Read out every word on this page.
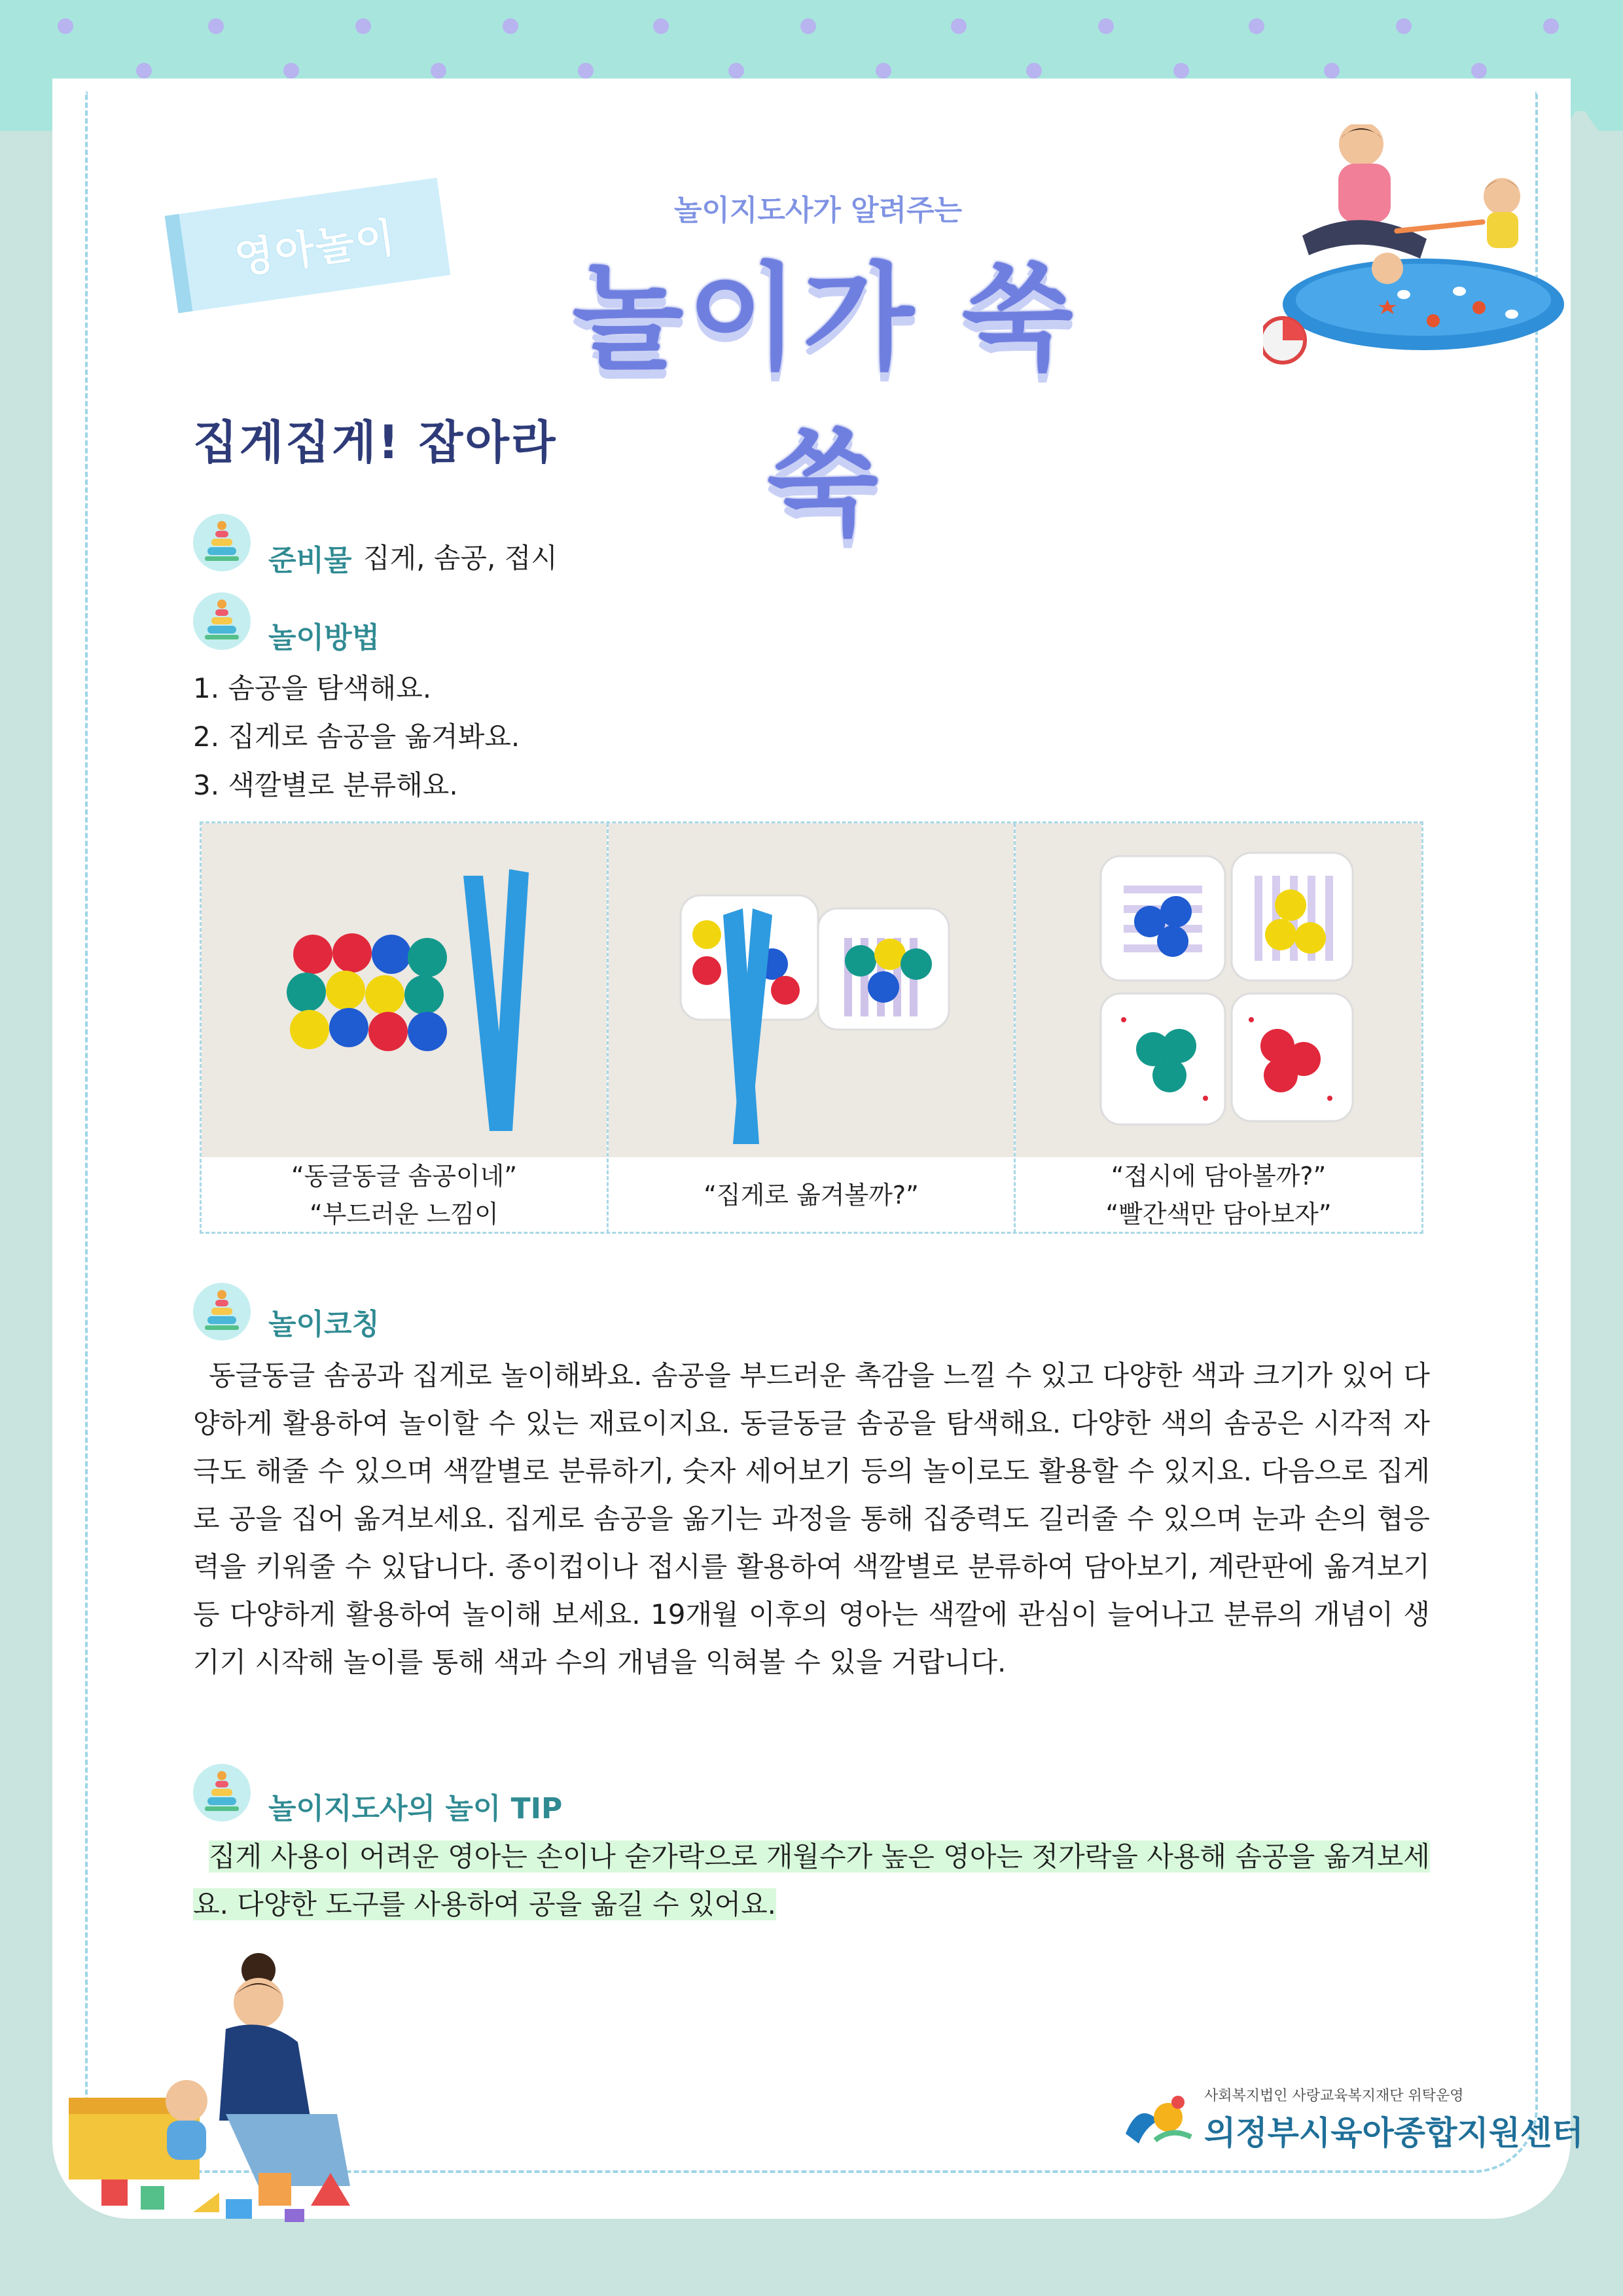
영아놀이
놀이지도사가 알려주는
놀이가 쑥쑥
집게집게! 잡아라
준비물 집게, 솜공, 접시
놀이방법
1. 솜공을 탐색해요.
2. 집게로 솜공을 옮겨봐요.
3. 색깔별로 분류해요.
“동글동글 솜공이네”
“부드러운 느낌이
“집게로 옮겨볼까?”
“접시에 담아볼까?”
“빨간색만 담아보자”
놀이코칭
동글동글 솜공과 집게로 놀이해봐요. 솜공을 부드러운 촉감을 느낄 수 있고 다양한 색과 크기가 있어 다양하게 활용하여 놀이할 수 있는 재료이지요. 동글동글 솜공을 탐색해요. 다양한 색의 솜공은 시각적 자극도 해줄 수 있으며 색깔별로 분류하기, 숫자 세어보기 등의 놀이로도 활용할 수 있지요. 다음으로 집게로 공을 집어 옮겨보세요. 집게로 솜공을 옮기는 과정을 통해 집중력도 길러줄 수 있으며 눈과 손의 협응력을 키워줄 수 있답니다. 종이컵이나 접시를 활용하여 색깔별로 분류하여 담아보기, 계란판에 옮겨보기 등 다양하게 활용하여 놀이해 보세요. 19개월 이후의 영아는 색깔에 관심이 늘어나고 분류의 개념이 생기기 시작해 놀이를 통해 색과 수의 개념을 익혀볼 수 있을 거랍니다.
놀이지도사의 놀이 TIP
집게 사용이 어려운 영아는 손이나 숟가락으로 개월수가 높은 영아는 젓가락을 사용해 솜공을 옮겨보세요. 다양한 도구를 사용하여 공을 옮길 수 있어요.
사회복지법인 사랑교육복지재단 위탁운영
의정부시육아종합지원센터
